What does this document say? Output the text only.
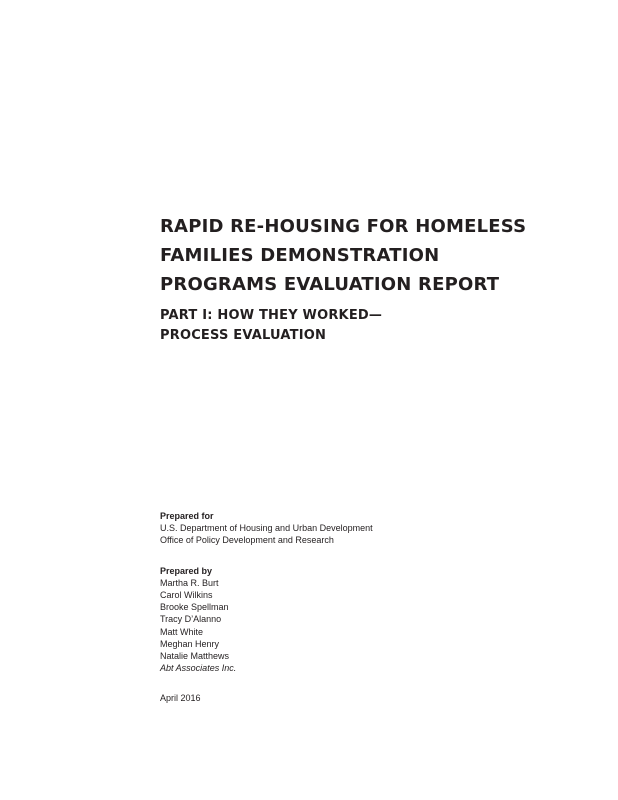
RAPID RE-HOUSING FOR HOMELESS
FAMILIES DEMONSTRATION
PROGRAMS EVALUATION REPORT
PART I: HOW THEY WORKED—
PROCESS EVALUATION
Prepared for
U.S. Department of Housing and Urban Development
Office of Policy Development and Research
Prepared by
Martha R. Burt
Carol Wilkins
Brooke Spellman
Tracy D’Alanno
Matt White
Meghan Henry
Natalie Matthews
Abt Associates Inc.
April 2016
